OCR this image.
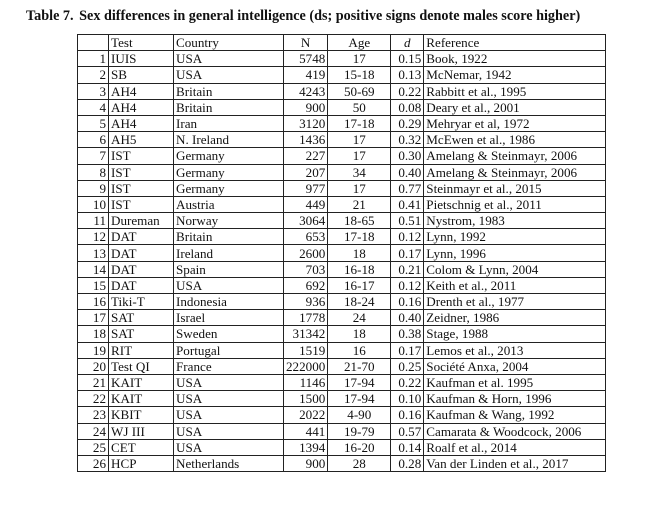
Table 7. Sex differences in general intelligence (ds; positive signs denote males score higher)
	Test	Country	N	Age	d	Reference
1	IUIS	USA	5748	17	0.15	Book, 1922
2	SB	USA	419	15-18	0.13	McNemar, 1942
3	AH4	Britain	4243	50-69	0.22	Rabbitt et al., 1995
4	AH4	Britain	900	50	0.08	Deary et al., 2001
5	AH4	Iran	3120	17-18	0.29	Mehryar et al, 1972
6	AH5	N. Ireland	1436	17	0.32	McEwen et al., 1986
7	IST	Germany	227	17	0.30	Amelang & Steinmayr, 2006
8	IST	Germany	207	34	0.40	Amelang & Steinmayr, 2006
9	IST	Germany	977	17	0.77	Steinmayr et al., 2015
10	IST	Austria	449	21	0.41	Pietschnig et al., 2011
11	Dureman	Norway	3064	18-65	0.51	Nystrom, 1983
12	DAT	Britain	653	17-18	0.12	Lynn, 1992
13	DAT	Ireland	2600	18	0.17	Lynn, 1996
14	DAT	Spain	703	16-18	0.21	Colom & Lynn, 2004
15	DAT	USA	692	16-17	0.12	Keith et al., 2011
16	Tiki-T	Indonesia	936	18-24	0.16	Drenth et al., 1977
17	SAT	Israel	1778	24	0.40	Zeidner, 1986
18	SAT	Sweden	31342	18	0.38	Stage, 1988
19	RIT	Portugal	1519	16	0.17	Lemos et al., 2013
20	Test QI	France	222000	21-70	0.25	Société Anxa, 2004
21	KAIT	USA	1146	17-94	0.22	Kaufman et al. 1995
22	KAIT	USA	1500	17-94	0.10	Kaufman & Horn, 1996
23	KBIT	USA	2022	4-90	0.16	Kaufman & Wang, 1992
24	WJ III	USA	441	19-79	0.57	Camarata & Woodcock, 2006
25	CET	USA	1394	16-20	0.14	Roalf et al., 2014
26	HCP	Netherlands	900	28	0.28	Van der Linden et al., 2017
